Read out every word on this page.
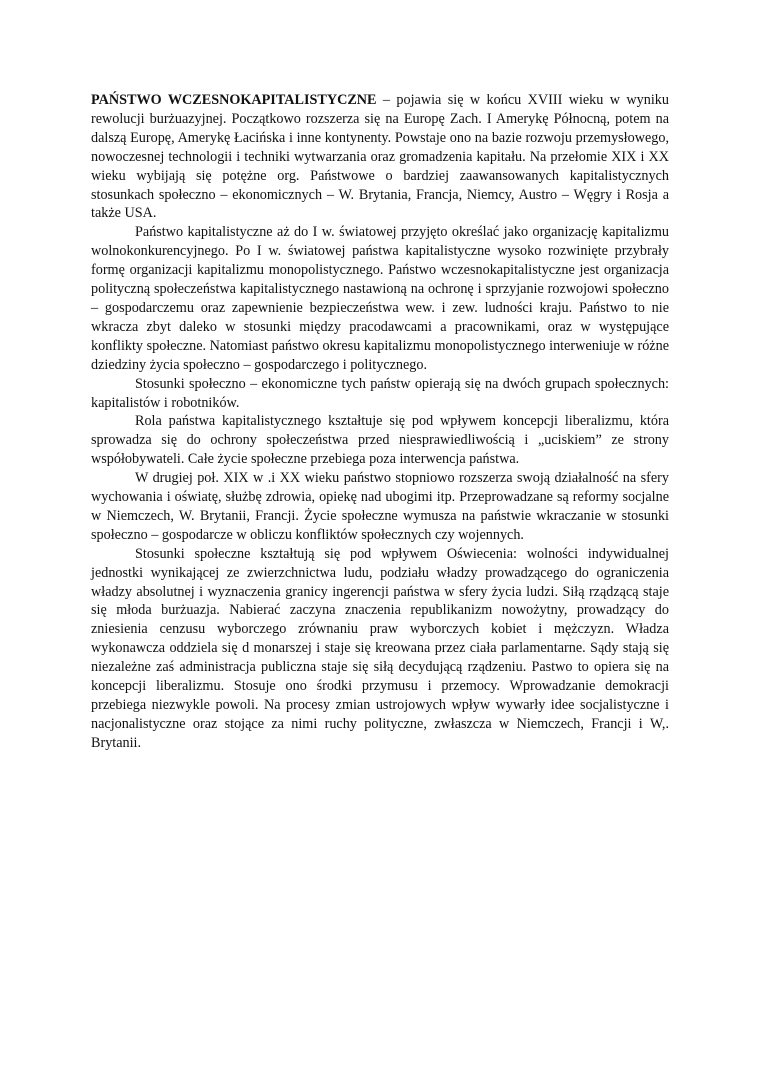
PAŃSTWO WCZESNOKAPITALISTYCZNE – pojawia się w końcu XVIII wieku w wyniku rewolucji burżuazyjnej. Początkowo rozszerza się na Europę Zach. I Amerykę Północną, potem na dalszą Europę, Amerykę Łacińska i inne kontynenty. Powstaje ono na bazie rozwoju przemysłowego, nowoczesnej technologii i techniki wytwarzania oraz gromadzenia kapitału. Na przełomie XIX i XX wieku wybijają się potężne org. Państwowe o bardziej zaawansowanych kapitalistycznych stosunkach społeczno – ekonomicznych – W. Brytania, Francja, Niemcy, Austro – Węgry i Rosja a także USA.

Państwo kapitalistyczne aż do I w. światowej przyjęto określać jako organizację kapitalizmu wolnokonkurencyjnego. Po I w. światowej państwa kapitalistyczne wysoko rozwinięte przybrały formę organizacji kapitalizmu monopolistycznego. Państwo wczesnokapitalistyczne jest organizacja polityczną społeczeństwa kapitalistycznego nastawioną na ochronę i sprzyjanie rozwojowi społeczno – gospodarczemu oraz zapewnienie bezpieczeństwa wew. i zew. ludności kraju. Państwo to nie wkracza zbyt daleko w stosunki między pracodawcami a pracownikami, oraz w występujące konflikty społeczne. Natomiast państwo okresu kapitalizmu monopolistycznego interweniuje w różne dziedziny życia społeczno – gospodarczego i politycznego.

Stosunki społeczno – ekonomiczne tych państw opierają się na dwóch grupach społecznych: kapitalistów i robotników.

Rola państwa kapitalistycznego kształtuje się pod wpływem koncepcji liberalizmu, która sprowadza się do ochrony społeczeństwa przed niesprawiedliwością i „uciskiem” ze strony współobywateli. Całe życie społeczne przebiega poza interwencja państwa.

W drugiej poł. XIX w .i XX wieku państwo stopniowo rozszerza swoją działalność na sfery wychowania i oświatę, służbę zdrowia, opiekę nad ubogimi itp. Przeprowadzane są reformy socjalne w Niemczech, W. Brytanii, Francji. Życie społeczne wymusza na państwie wkraczanie w stosunki społeczno – gospodarcze w obliczu konfliktów społecznych czy wojennych.

Stosunki społeczne kształtują się pod wpływem Oświecenia: wolności indywidualnej jednostki wynikającej ze zwierzchnictwa ludu, podziału władzy prowadzącego do ograniczenia władzy absolutnej i wyznaczenia granicy ingerencji państwa w sfery życia ludzi. Siłą rządzącą staje się młoda burżuazja. Nabierać zaczyna znaczenia republikanizm nowożytny, prowadzący do zniesienia cenzusu wyborczego zrównaniu praw wyborczych kobiet i mężczyzn. Władza wykonawcza oddziela się d monarszej i staje się kreowana przez ciała parlamentarne. Sądy stają się niezależne zaś administracja publiczna staje się siłą decydującą rządzeniu. Pastwo to opiera się na koncepcji liberalizmu. Stosuje ono środki przymusu i przemocy. Wprowadzanie demokracji przebiega niezwykle powoli. Na procesy zmian ustrojowych wpływ wywarły idee socjalistyczne i nacjonalistyczne oraz stojące za nimi ruchy polityczne, zwłaszcza w Niemczech, Francji i W,. Brytanii.
